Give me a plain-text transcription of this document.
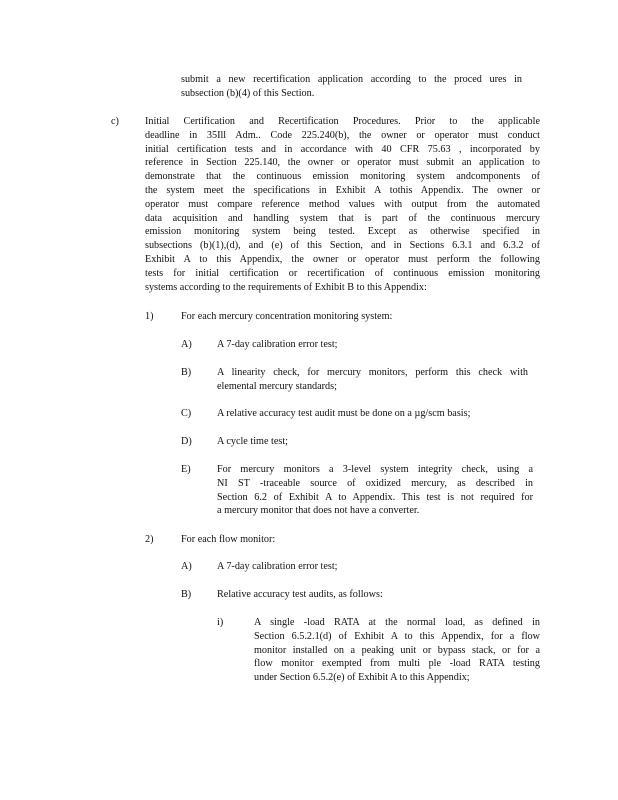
submit a new recertification application according to the proced ures in
subsection (b)(4) of this Section.
c)	Initial Certification and Recertification Procedures. Prior to the applicable
deadline in 35Ill Adm.. Code 225.240(b), the owner or operator must conduct
initial certification tests and in accordance with 40 CFR 75.63 , incorporated by
reference in Section 225.140, the owner or operator must submit an application to
demonstrate that the continuous emission monitoring system andcomponents of
the system meet the specifications in Exhibit A tothis Appendix. The owner or
operator must compare reference method values with output from the automated
data acquisition and handling system that is part of the continuous mercury
emission monitoring system being tested. Except as otherwise specified in
subsections (b)(1),(d), and (e) of this Section, and in Sections 6.3.1 and 6.3.2 of
Exhibit A to this Appendix, the owner or operator must perform the following
tests for initial certification or recertification of continuous emission monitoring
systems according to the requirements of Exhibit B to this Appendix:
1)	For each mercury concentration monitoring system:
A) A 7-day calibration error test;
B)	A linearity check, for mercury monitors, perform this check with
elemental mercury standards;
C)	A relative accuracy test audit must be done on a µg/scm basis;
D) A cycle time test;
E)	For mercury monitors a 3-level system integrity check, using a
NI ST -traceable source of oxidized mercury, as described in
Section 6.2 of Exhibit A to Appendix. This test is not required for
a mercury monitor that does not have a converter.
2)	For each flow monitor:
A) A 7-day calibration error test;
B)	Relative accuracy test audits, as follows:
i)	A single -load RATA at the normal load, as defined in
Section 6.5.2.1(d) of Exhibit A to this Appendix, for a flow
monitor installed on a peaking unit or bypass stack, or for a
flow monitor exempted from multi ple -load RATA testing
under Section 6.5.2(e) of Exhibit A to this Appendix;
